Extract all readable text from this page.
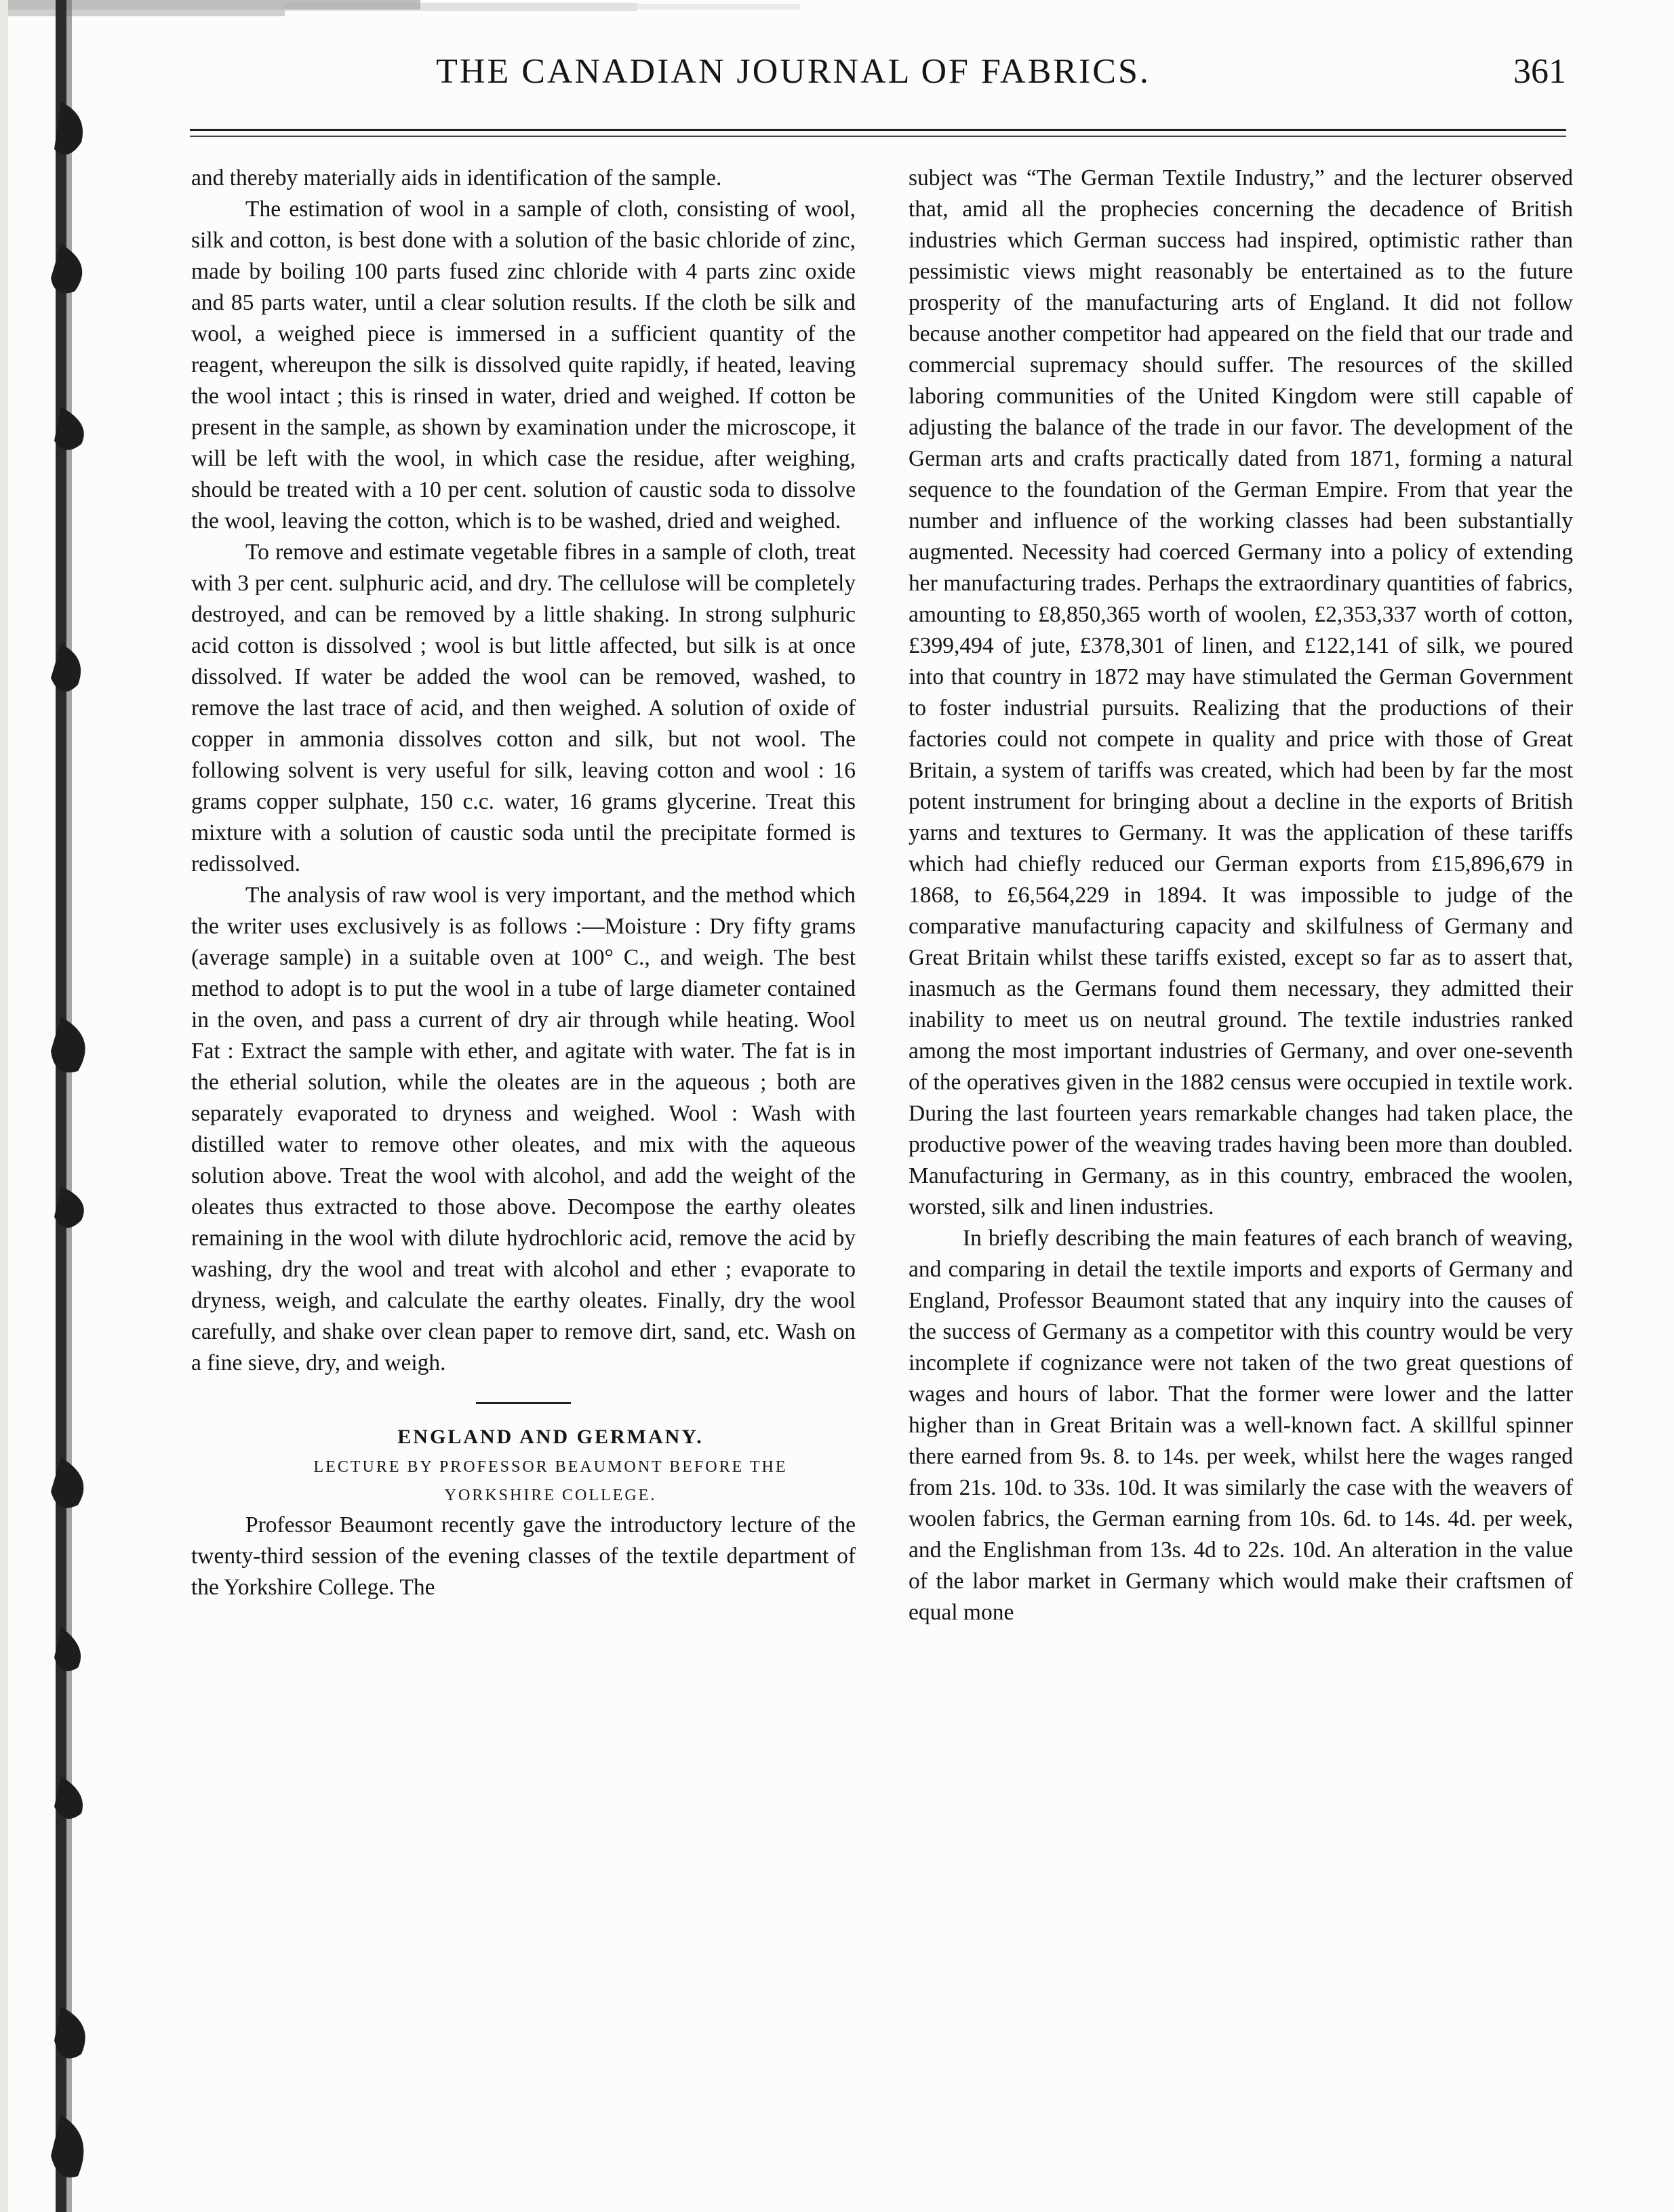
THE CANADIAN JOURNAL OF FABRICS.	361

and thereby materially aids in identification of the sample.

The estimation of wool in a sample of cloth, consisting of wool, silk and cotton, is best done with a solution of the basic chloride of zinc, made by boiling 100 parts fused zinc chloride with 4 parts zinc oxide and 85 parts water, until a clear solution results. If the cloth be silk and wool, a weighed piece is immersed in a sufficient quantity of the reagent, whereupon the silk is dissolved quite rapidly, if heated, leaving the wool intact ; this is rinsed in water, dried and weighed. If cotton be present in the sample, as shown by examination under the microscope, it will be left with the wool, in which case the residue, after weighing, should be treated with a 10 per cent. solution of caustic soda to dissolve the wool, leaving the cotton, which is to be washed, dried and weighed.

To remove and estimate vegetable fibres in a sample of cloth, treat with 3 per cent. sulphuric acid, and dry. The cellulose will be completely destroyed, and can be removed by a little shaking. In strong sulphuric acid cotton is dissolved ; wool is but little affected, but silk is at once dissolved. If water be added the wool can be removed, washed, to remove the last trace of acid, and then weighed. A solution of oxide of copper in ammonia dissolves cotton and silk, but not wool. The following solvent is very useful for silk, leaving cotton and wool : 16 grams copper sulphate, 150 c.c. water, 16 grams glycerine. Treat this mixture with a solution of caustic soda until the precipitate formed is redissolved.

The analysis of raw wool is very important, and the method which the writer uses exclusively is as follows :—Moisture : Dry fifty grams (average sample) in a suitable oven at 100° C., and weigh. The best method to adopt is to put the wool in a tube of large diameter contained in the oven, and pass a current of dry air through while heating. Wool Fat : Extract the sample with ether, and agitate with water. The fat is in the etherial solution, while the oleates are in the aqueous ; both are separately evaporated to dryness and weighed. Wool : Wash with distilled water to remove other oleates, and mix with the aqueous solution above. Treat the wool with alcohol, and add the weight of the oleates thus extracted to those above. Decompose the earthy oleates remaining in the wool with dilute hydrochloric acid, remove the acid by washing, dry the wool and treat with alcohol and ether ; evaporate to dryness, weigh, and calculate the earthy oleates. Finally, dry the wool carefully, and shake over clean paper to remove dirt, sand, etc. Wash on a fine sieve, dry, and weigh.

ENGLAND AND GERMANY.

LECTURE BY PROFESSOR BEAUMONT BEFORE THE

YORKSHIRE COLLEGE.

Professor Beaumont recently gave the introductory lecture of the twenty-third session of the evening classes of the textile department of the Yorkshire College. The

subject was “The German Textile Industry,” and the lecturer observed that, amid all the prophecies concerning the decadence of British industries which German success had inspired, optimistic rather than pessimistic views might reasonably be entertained as to the future prosperity of the manufacturing arts of England. It did not follow because another competitor had appeared on the field that our trade and commercial supremacy should suffer. The resources of the skilled laboring communities of the United Kingdom were still capable of adjusting the balance of the trade in our favor. The development of the German arts and crafts practically dated from 1871, forming a natural sequence to the foundation of the German Empire. From that year the number and influence of the working classes had been substantially augmented. Necessity had coerced Germany into a policy of extending her manufacturing trades. Perhaps the extraordinary quantities of fabrics, amounting to £8,850,365 worth of woolen, £2,353,337 worth of cotton, £399,494 of jute, £378,301 of linen, and £122,141 of silk, we poured into that country in 1872 may have stimulated the German Government to foster industrial pursuits. Realizing that the productions of their factories could not compete in quality and price with those of Great Britain, a system of tariffs was created, which had been by far the most potent instrument for bringing about a decline in the exports of British yarns and textures to Germany. It was the application of these tariffs which had chiefly reduced our German exports from £15,896,679 in 1868, to £6,564,229 in 1894. It was impossible to judge of the comparative manufacturing capacity and skilfulness of Germany and Great Britain whilst these tariffs existed, except so far as to assert that, inasmuch as the Germans found them necessary, they admitted their inability to meet us on neutral ground. The textile industries ranked among the most important industries of Germany, and over one-seventh of the operatives given in the 1882 census were occupied in textile work. During the last fourteen years remarkable changes had taken place, the productive power of the weaving trades having been more than doubled. Manufacturing in Germany, as in this country, embraced the woolen, worsted, silk and linen industries.

In briefly describing the main features of each branch of weaving, and comparing in detail the textile imports and exports of Germany and England, Professor Beaumont stated that any inquiry into the causes of the success of Germany as a competitor with this country would be very incomplete if cognizance were not taken of the two great questions of wages and hours of labor. That the former were lower and the latter higher than in Great Britain was a well-known fact. A skillful spinner there earned from 9s. 8. to 14s. per week, whilst here the wages ranged from 21s. 10d. to 33s. 10d. It was similarly the case with the weavers of woolen fabrics, the German earning from 10s. 6d. to 14s. 4d. per week, and the Englishman from 13s. 4d to 22s. 10d. An alteration in the value of the labor market in Germany which would make their craftsmen of equal mone
